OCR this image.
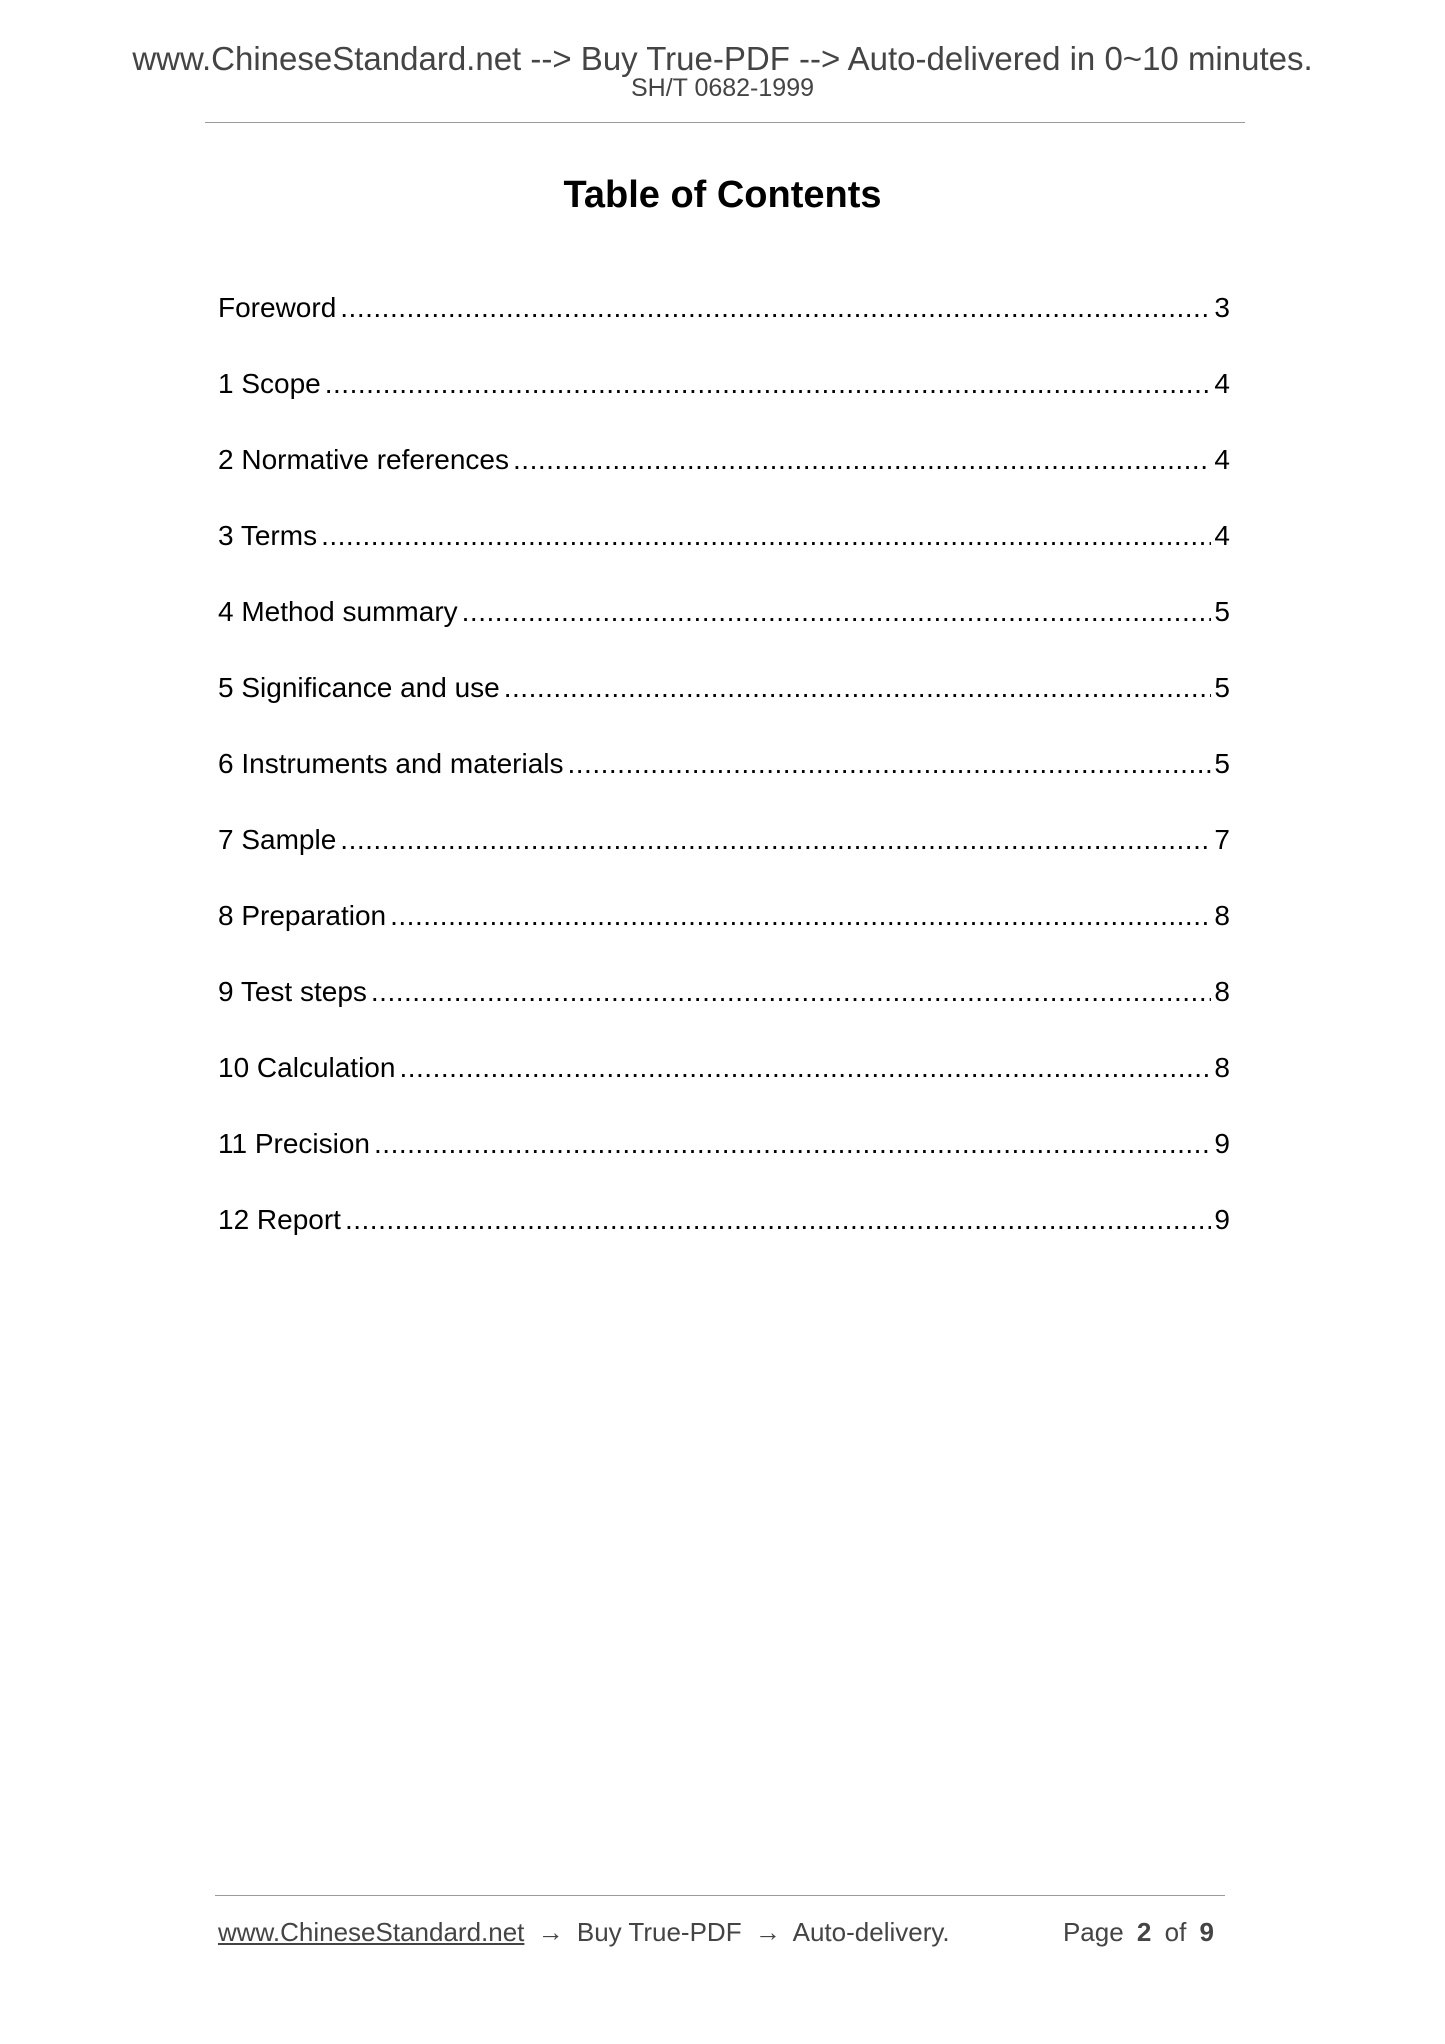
www.ChineseStandard.net --> Buy True-PDF --> Auto-delivered in 0~10 minutes.
SH/T 0682-1999
Table of Contents
Foreword .....	3
1 Scope .....	4
2 Normative references .....	4
3 Terms .....	4
4 Method summary .....	5
5 Significance and use .....	5
6 Instruments and materials .....	5
7 Sample .....	7
8 Preparation .....	8
9 Test steps .....	8
10 Calculation .....	8
11 Precision .....	9
12 Report .....	9
www.ChineseStandard.net → Buy True-PDF → Auto-delivery.	Page 2 of 9
